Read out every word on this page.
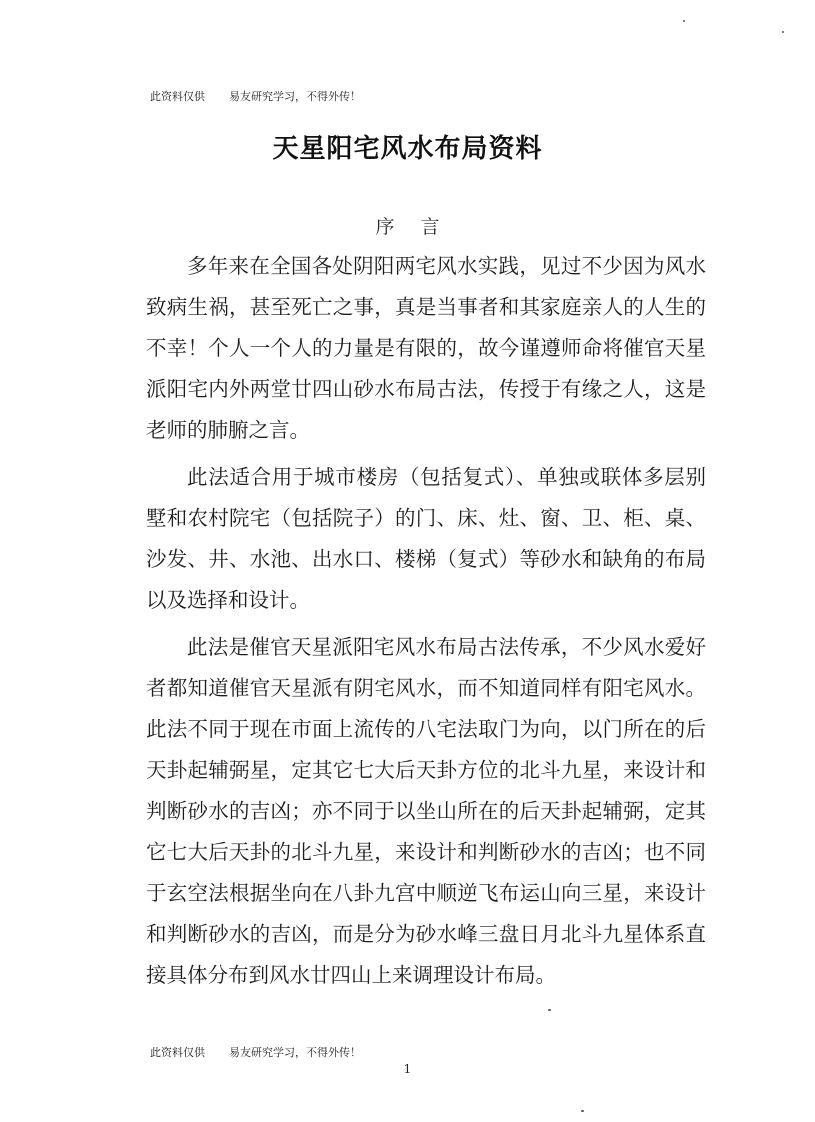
此资料仅供 易友研究学习，不得外传！
天星阳宅风水布局资料
序言

多年来在全国各处阴阳两宅风水实践，见过不少因为风水致病生祸，甚至死亡之事，真是当事者和其家庭亲人的人生的不幸！个人一个人的力量是有限的，故今谨遵师命将催官天星派阳宅内外两堂廿四山砂水布局古法，传授于有缘之人，这是老师的肺腑之言。

此法适合用于城市楼房（包括复式）、单独或联体多层别墅和农村院宅（包括院子）的门、床、灶、窗、卫、柜、桌、沙发、井、水池、出水口、楼梯（复式）等砂水和缺角的布局以及选择和设计。

此法是催官天星派阳宅风水布局古法传承，不少风水爱好者都知道催官天星派有阴宅风水，而不知道同样有阳宅风水。此法不同于现在市面上流传的八宅法取门为向，以门所在的后天卦起辅弼星，定其它七大后天卦方位的北斗九星，来设计和判断砂水的吉凶；亦不同于以坐山所在的后天卦起辅弼，定其它七大后天卦的北斗九星，来设计和判断砂水的吉凶；也不同于玄空法根据坐向在八卦九宫中顺逆飞布运山向三星，来设计和判断砂水的吉凶，而是分为砂水峰三盘日月北斗九星体系直接具体分布到风水廿四山上来调理设计布局。

此资料仅供 易友研究学习，不得外传！
1
